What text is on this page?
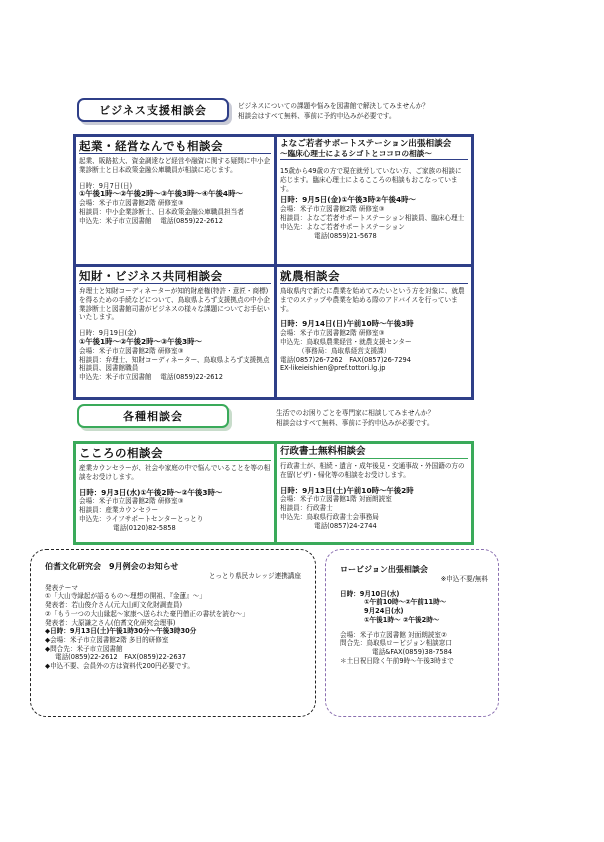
ビジネス支援相談会	ビジネスについての課題や悩みを図書館で解決してみませんか？
相談会はすべて無料、事前に予約申込みが必要です。
起業・経営なんでも相談会
起業、販路拡大、資金調達など経営や融資に関する疑問に中小企業診断士と日本政策金融公庫職員が相談に応じます。
日時：9月7日(日)
①午後1時～②午後2時～③午後3時～④午後4時～
会場：米子市立図書館2階 研修室③
相談員：中小企業診断士、日本政策金融公庫職員担当者
申込先：米子市立図書館　 電話(0859)22-2612
よなご若者サポートステーション出張相談会
～臨床心理士によるシゴトとココロの相談～
15歳から49歳の方で現在就労していない方、ご家族の相談に応じます。臨床心理士によるこころの相談もおこなっています。
日時：9月5日(金)①午後3時②午後4時～
会場：米子市立図書館2階 研修室③
相談員：よなご若者サポートステーション相談員、臨床心理士
申込先：よなご若者サポートステーション
電話(0859)21-5678
知財・ビジネス共同相談会
弁理士と知財コーディネーターが知的財産権(特許・意匠・商標)を得るための手続などについて、鳥取県よろず支援拠点の中小企業診断士と図書館司書がビジネスの様々な課題についてお手伝いいたします。
日時：9月19日(金)
①午後1時～②午後2時～③午後3時～
会場：米子市立図書館2階 研修室③
相談員：弁理士、知財コーディネーター、鳥取県よろず支援拠点相談員、図書館職員
申込先：米子市立図書館　 電話(0859)22-2612
就農相談会
鳥取県内で新たに農業を始めてみたいという方を対象に、就農までのステップや農業を始める際のアドバイスを行っています。
日時：9月14日(日)午前10時～午後3時
会場：米子市立図書館2階 研修室③
申込先：鳥取県農業経営・就農支援センター
（事務局：鳥取県経営支援課）
電話(0857)26-7262　FAX(0857)26-7294
EX-likeieishien@pref.tottori.lg.jp
各種相談会	生活でのお困りごとを専門家に相談してみませんか？
相談会はすべて無料、事前に予約申込みが必要です。
こころの相談会
産業カウンセラーが、社会や家庭の中で悩んでいることを等の相談をお受けします。
日時：9月3日(水)①午後2時～②午後3時～
会場：米子市立図書館2階 研修室③
相談員：産業カウンセラー
申込先：ライフサポートセンターとっとり
電話(0120)82-5858
行政書士無料相談会
行政書士が、相続・遺言・成年後見・交通事故・外国籍の方の在留(ビザ)・帰化等の相談をお受けします。
日時：9月13日(土)午前10時～午後2時
会場：米子市立図書館1階 対面朗読室
相談員：行政書士
申込先：鳥取県行政書士会事務局
電話(0857)24-2744
伯耆文化研究会　9月例会のお知らせ
とっとり県民カレッジ連携講座
発表テーマ
①「大山寺縁起が語るもの～理想の開祖、『金蓮』～」
発表者：若山俊介さん(元大山町文化財調査員)
②「もう一つの大山縁起～家康へ送られた豪円僧正の書状を読む～」
発表者：大原謙之さん(伯耆文化研究会理事)
◆日時：9月13日(土)午後1時30分～午後3時30分
◆会場：米子市立図書館2階 多目的研修室
◆問合先：米子市立図書館
電話(0859)22-2612　FAX(0859)22-2637
◆申込不要、会員外の方は資料代200円必要です。
ロービジョン出張相談会
※申込不要/無料
日時：9月10日(水)
①午前10時～②午前11時～
9月24日(水)
①午後1時～ ②午後2時～
会場：米子市立図書館 対面朗読室②
問合先：鳥取県ロービジョン相談窓口
電話&FAX(0859)38-7584
＊土日祝日除く午前9時～午後3時まで
